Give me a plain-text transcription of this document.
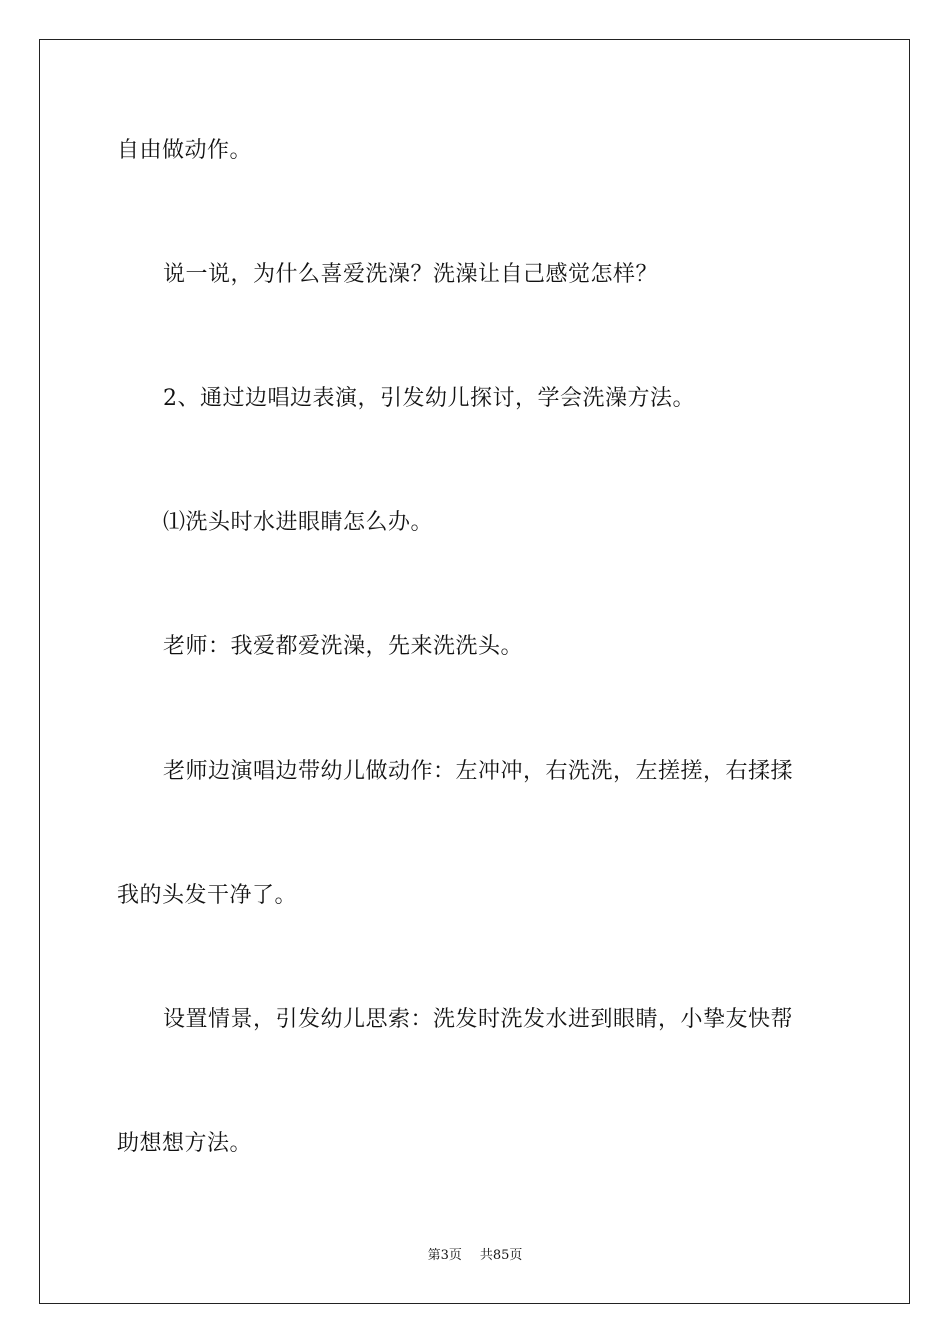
自由做动作。
说一说，为什么喜爱洗澡？洗澡让自己感觉怎样？
2、通过边唱边表演，引发幼儿探讨，学会洗澡方法。
⑴洗头时水进眼睛怎么办。
老师：我爱都爱洗澡，先来洗洗头。
老师边演唱边带幼儿做动作：左冲冲，右洗洗，左搓搓，右揉揉
我的头发干净了。
设置情景，引发幼儿思索：洗发时洗发水进到眼睛，小挚友快帮
助想想方法。
第3页 共85页
